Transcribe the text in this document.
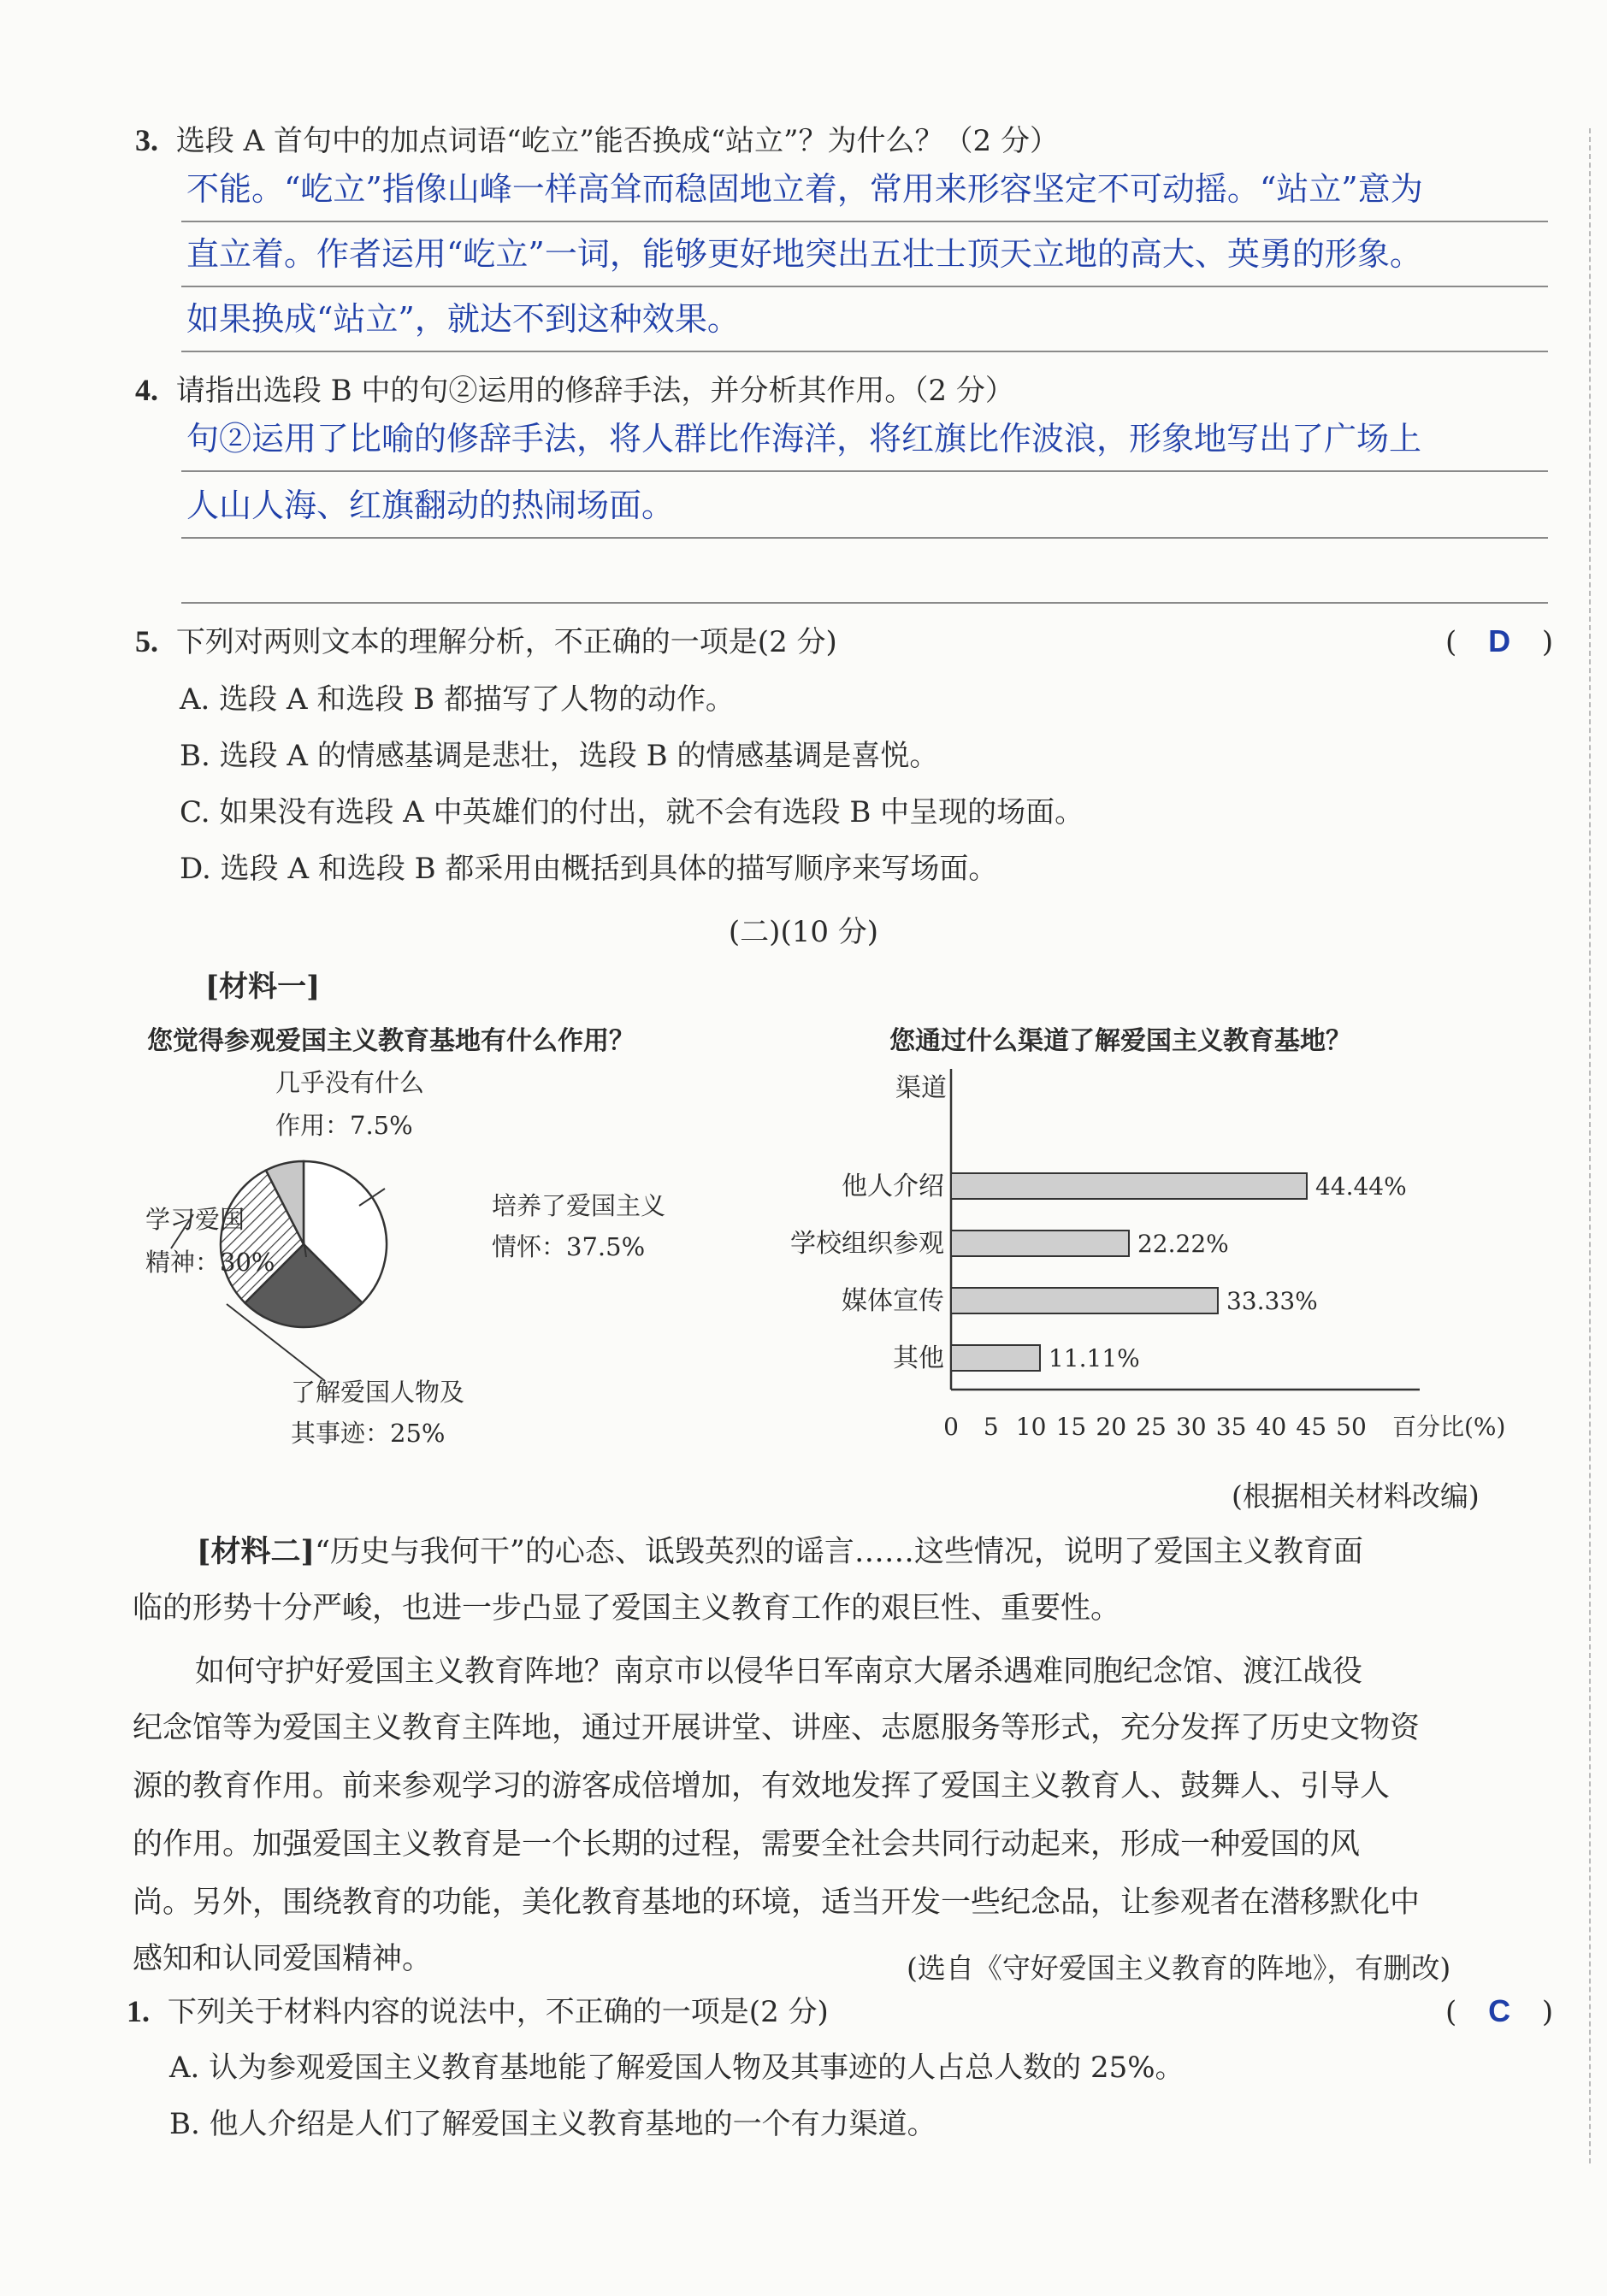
3. 选段 A 首句中的加点词语“屹立”能否换成“站立”？为什么？（2 分）
不能。“屹立”指像山峰一样高耸而稳固地立着，常用来形容坚定不可动摇。“站立”意为
直立着。作者运用“屹立”一词，能够更好地突出五壮士顶天立地的高大、英勇的形象。
如果换成“站立”，就达不到这种效果。
4. 请指出选段 B 中的句②运用的修辞手法，并分析其作用。（2 分）
句②运用了比喻的修辞手法，将人群比作海洋，将红旗比作波浪，形象地写出了广场上
人山人海、红旗翻动的热闹场面。
5. 下列对两则文本的理解分析，不正确的一项是(2 分)	( D )
A. 选段 A 和选段 B 都描写了人物的动作。
B. 选段 A 的情感基调是悲壮，选段 B 的情感基调是喜悦。
C. 如果没有选段 A 中英雄们的付出，就不会有选段 B 中呈现的场面。
D. 选段 A 和选段 B 都采用由概括到具体的描写顺序来写场面。
(二)(10 分)
[材料一]
您觉得参观爱国主义教育基地有什么作用？
培养了爱国主义
情怀：37.5%
了解爱国人物及
其事迹：25%
学习爱国
精神：30%
几乎没有什么
作用：7.5%
您通过什么渠道了解爱国主义教育基地？
渠道
他人介绍	44.44%
学校组织参观	22.22%
媒体宣传	33.33%
其他	11.11%
0 5 10 15 20 25 30 35 40 45 50 百分比(%)
(根据相关材料改编)
[材料二]“历史与我何干”的心态、诋毁英烈的谣言……这些情况，说明了爱国主义教育面
临的形势十分严峻，也进一步凸显了爱国主义教育工作的艰巨性、重要性。
如何守护好爱国主义教育阵地？南京市以侵华日军南京大屠杀遇难同胞纪念馆、渡江战役
纪念馆等为爱国主义教育主阵地，通过开展讲堂、讲座、志愿服务等形式，充分发挥了历史文物资
源的教育作用。前来参观学习的游客成倍增加，有效地发挥了爱国主义教育人、鼓舞人、引导人
的作用。加强爱国主义教育是一个长期的过程，需要全社会共同行动起来，形成一种爱国的风
尚。另外，围绕教育的功能，美化教育基地的环境，适当开发一些纪念品，让参观者在潜移默化中
感知和认同爱国精神。	(选自《守好爱国主义教育的阵地》，有删改)
1. 下列关于材料内容的说法中，不正确的一项是(2 分)	( C )
A. 认为参观爱国主义教育基地能了解爱国人物及其事迹的人占总人数的 25%。
B. 他人介绍是人们了解爱国主义教育基地的一个有力渠道。
